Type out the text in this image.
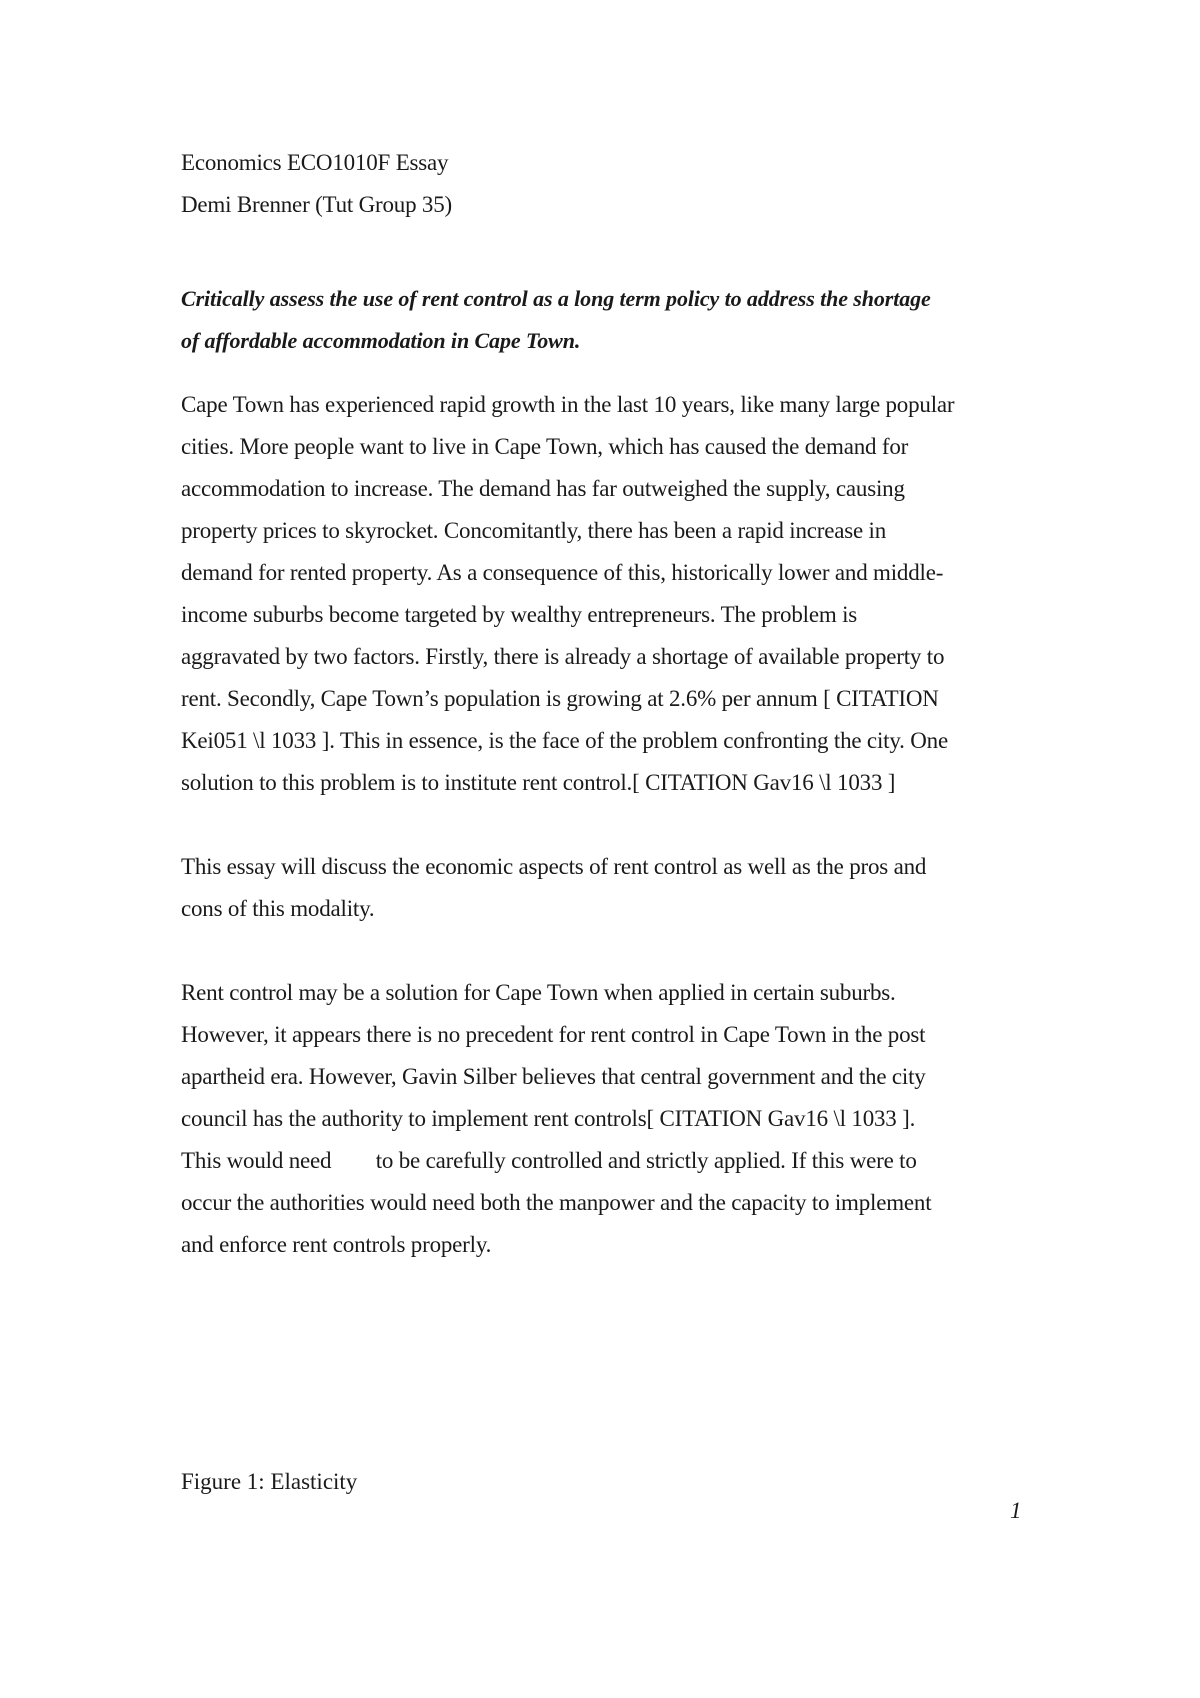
Economics ECO1010F Essay
Demi Brenner (Tut Group 35)
Critically assess the use of rent control as a long term policy to address the shortage
of affordable accommodation in Cape Town.
Cape Town has experienced rapid growth in the last 10 years, like many large popular
cities. More people want to live in Cape Town, which has caused the demand for
accommodation to increase. The demand has far outweighed the supply, causing
property prices to skyrocket. Concomitantly, there has been a rapid increase in
demand for rented property. As a consequence of this, historically lower and middle-
income suburbs become targeted by wealthy entrepreneurs. The problem is
aggravated by two factors. Firstly, there is already a shortage of available property to
rent. Secondly, Cape Town’s population is growing at 2.6% per annum [ CITATION
Kei051 \l 1033 ]. This in essence, is the face of the problem confronting the city. One
solution to this problem is to institute rent control.[ CITATION Gav16 \l 1033 ]
This essay will discuss the economic aspects of rent control as well as the pros and
cons of this modality.
Rent control may be a solution for Cape Town when applied in certain suburbs.
However, it appears there is no precedent for rent control in Cape Town in the post
apartheid era. However, Gavin Silber believes that central government and the city
council has the authority to implement rent controls[ CITATION Gav16 \l 1033 ].
This would need        to be carefully controlled and strictly applied. If this were to
occur the authorities would need both the manpower and the capacity to implement
and enforce rent controls properly.
Figure 1: Elasticity
1
